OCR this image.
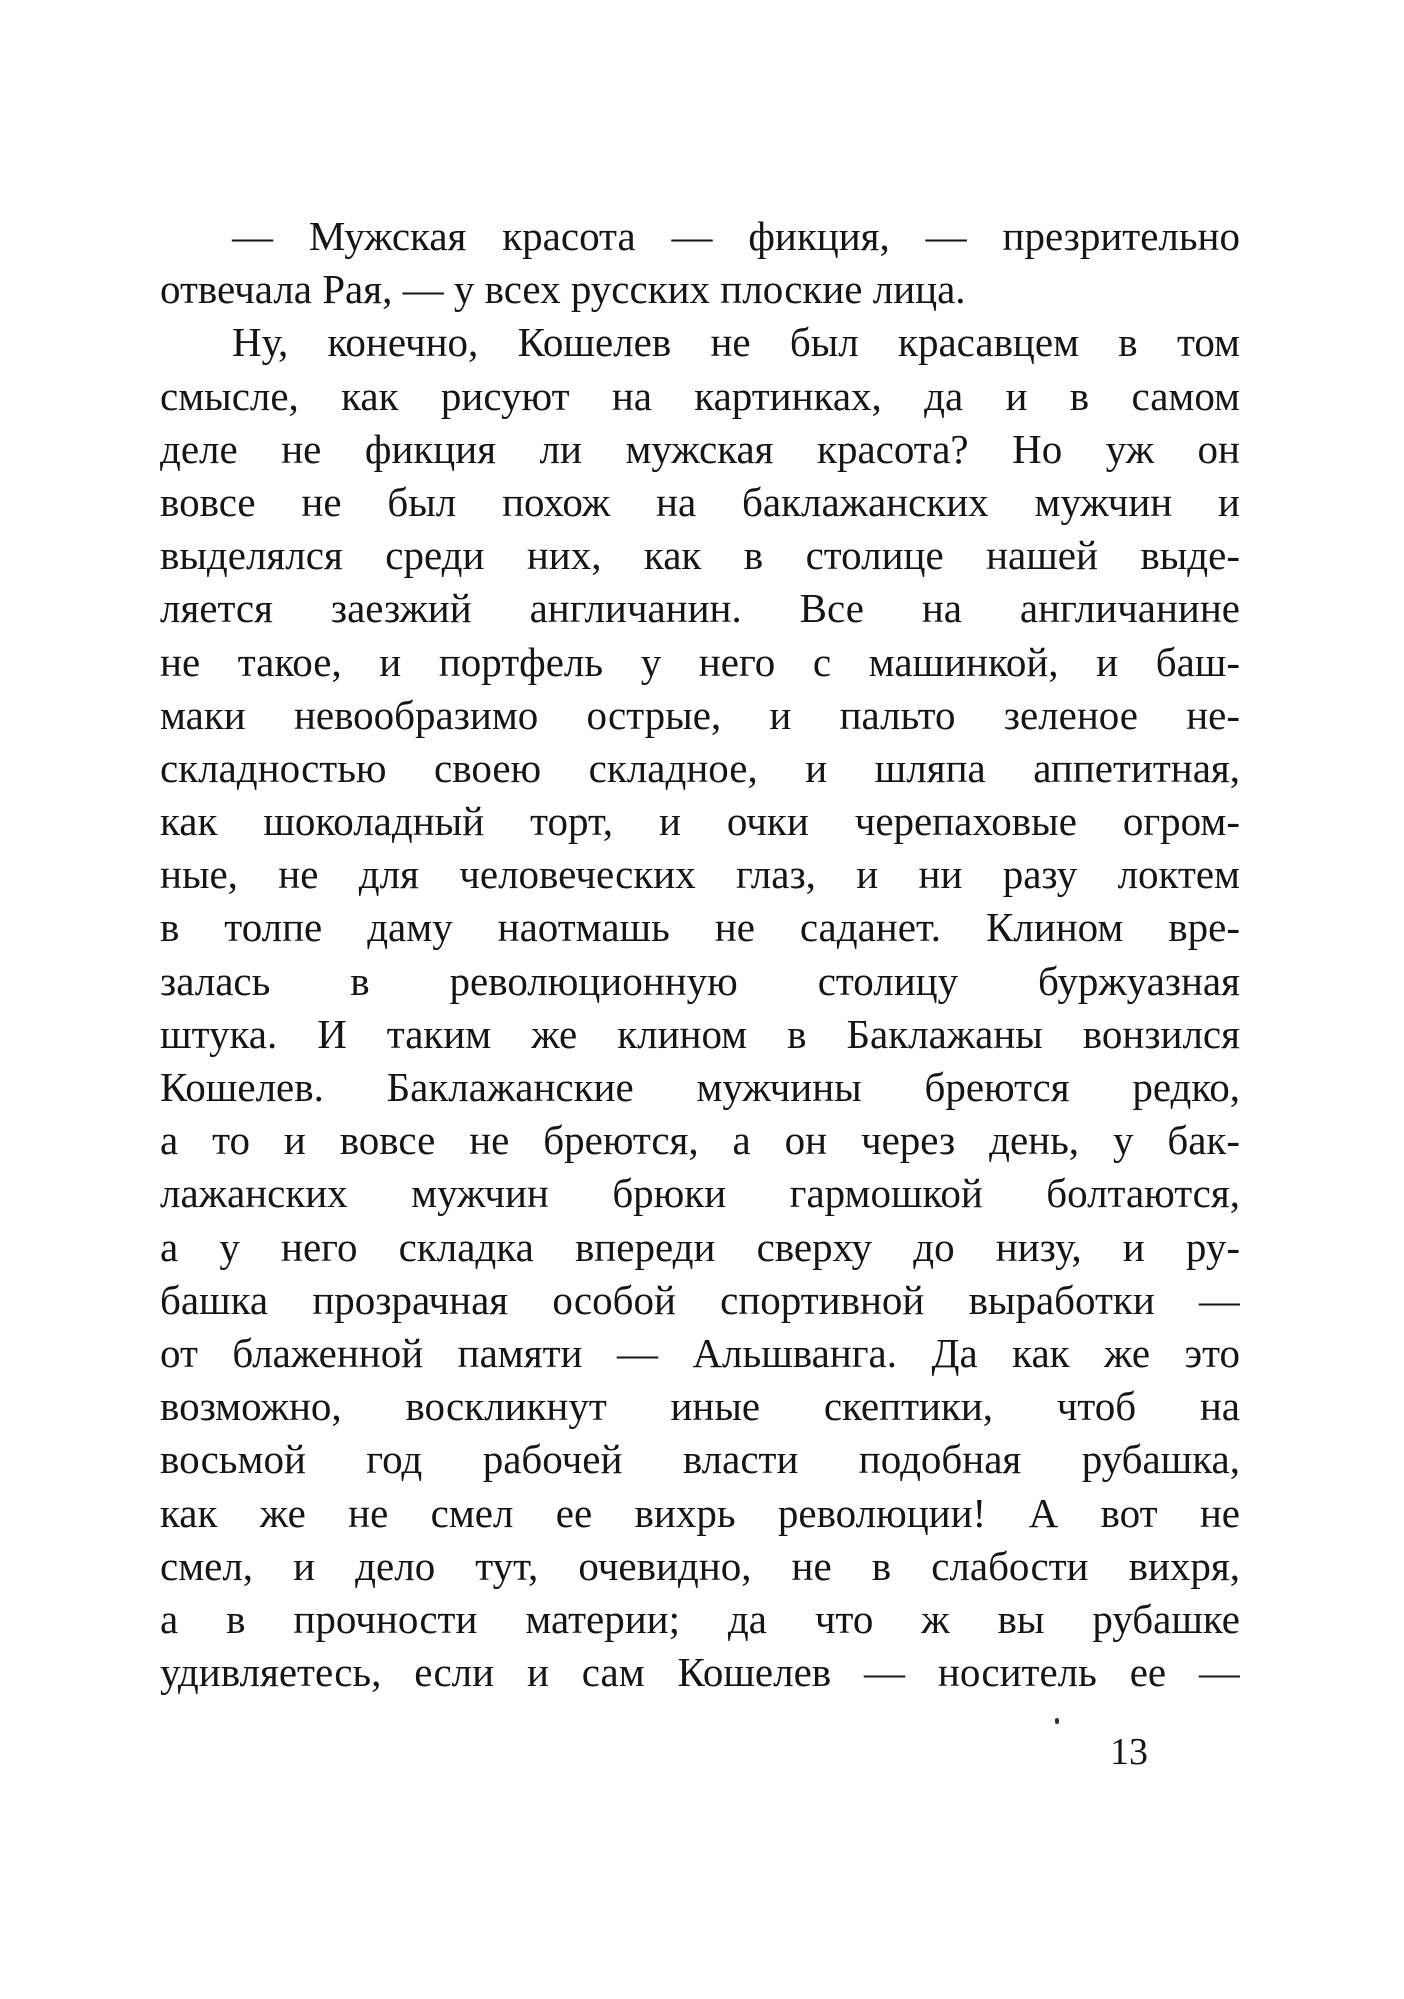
— Мужская красота — фикция, — презрительно
отвечала Рая, — у всех русских плоские лица.
Ну, конечно, Кошелев не был красавцем в том
смысле, как рисуют на картинках, да и в самом
деле не фикция ли мужская красота? Но уж он
вовсе не был похож на баклажанских мужчин и
выделялся среди них, как в столице нашей выде-
ляется заезжий англичанин. Все на англичанине
не такое, и портфель у него с машинкой, и баш-
маки невообразимо острые, и пальто зеленое не-
складностью своею складное, и шляпа аппетитная,
как шоколадный торт, и очки черепаховые огром-
ные, не для человеческих глаз, и ни разу локтем
в толпе даму наотмашь не саданет. Клином вре-
залась в революционную столицу буржуазная
штука. И таким же клином в Баклажаны вонзился
Кошелев. Баклажанские мужчины бреются редко,
а то и вовсе не бреются, а он через день, у бак-
лажанских мужчин брюки гармошкой болтаются,
а у него складка впереди сверху до низу, и ру-
башка прозрачная особой спортивной выработки —
от блаженной памяти — Альшванга. Да как же это
возможно, воскликнут иные скептики, чтоб на
восьмой год рабочей власти подобная рубашка,
как же не смел ее вихрь революции! А вот не
смел, и дело тут, очевидно, не в слабости вихря,
а в прочности материи; да что ж вы рубашке
удивляетесь, если и сам Кошелев — носитель ее —
13
